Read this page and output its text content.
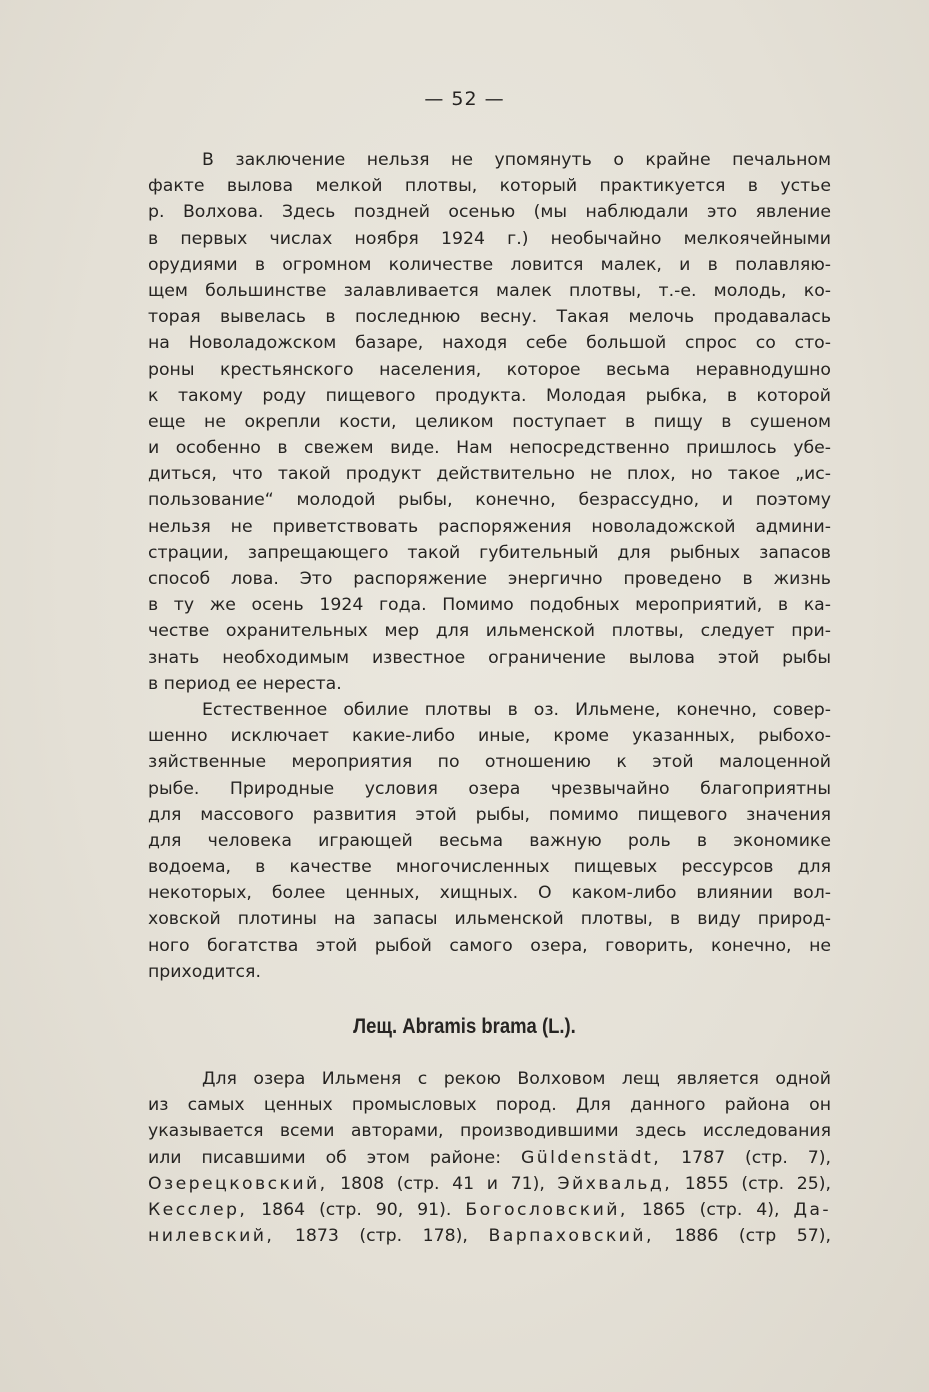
— 52 —
В заключение нельзя не упомянуть о крайне печальном
факте вылова мелкой плотвы, который практикуется в устье
р. Волхова. Здесь поздней осенью (мы наблюдали это явление
в первых числах ноября 1924 г.) необычайно мелкоячейными
орудиями в огромном количестве ловится малек, и в полавляю-
щем большинстве залавливается малек плотвы, т.-е. молодь, ко-
торая вывелась в последнюю весну. Такая мелочь продавалась
на Новоладожском базаре, находя себе большой спрос со сто-
роны крестьянского населения, которое весьма неравнодушно
к такому роду пищевого продукта. Молодая рыбка, в которой
еще не окрепли кости, целиком поступает в пищу в сушеном
и особенно в свежем виде. Нам непосредственно пришлось убе-
диться, что такой продукт действительно не плох, но такое „ис-
пользование“ молодой рыбы, конечно, безрассудно, и поэтому
нельзя не приветствовать распоряжения новоладожской админи-
страции, запрещающего такой губительный для рыбных запасов
способ лова. Это распоряжение энергично проведено в жизнь
в ту же осень 1924 года. Помимо подобных мероприятий, в ка-
честве охранительных мер для ильменской плотвы, следует при-
знать необходимым известное ограничение вылова этой рыбы
в период ее нереста.
Естественное обилие плотвы в оз. Ильмене, конечно, совер-
шенно исключает какие-либо иные, кроме указанных, рыбохо-
зяйственные мероприятия по отношению к этой малоценной
рыбе. Природные условия озера чрезвычайно благоприятны
для массового развития этой рыбы, помимо пищевого значения
для человека играющей весьма важную роль в экономике
водоема, в качестве многочисленных пищевых рессурсов для
некоторых, более ценных, хищных. О каком-либо влиянии вол-
ховской плотины на запасы ильменской плотвы, в виду природ-
ного богатства этой рыбой самого озера, говорить, конечно, не
приходится.
Лещ. Abramis brama (L.).
Для озера Ильменя с рекою Волховом лещ является одной
из самых ценных промысловых пород. Для данного района он
указывается всеми авторами, производившими здесь исследования
или писавшими об этом районе: Güldenstädt, 1787 (стр. 7),
Озерецковский, 1808 (стр. 41 и 71), Эйхвальд, 1855 (стр. 25),
Кесслер, 1864 (стр. 90, 91). Богословский, 1865 (стр. 4), Да-
нилевский, 1873 (стр. 178), Варпаховский, 1886 (стр 57),
